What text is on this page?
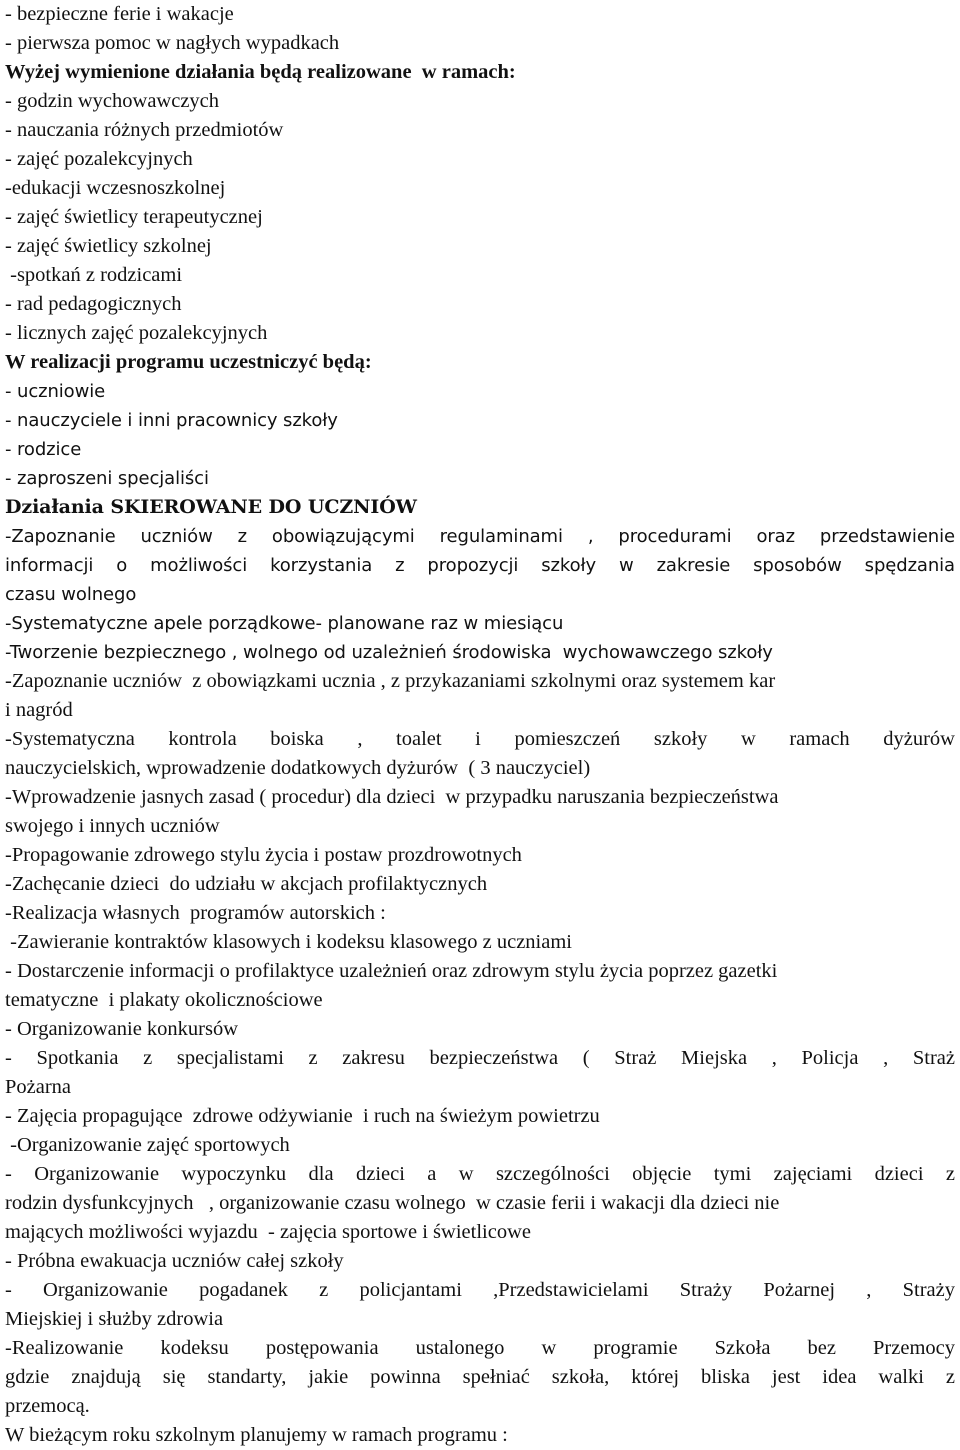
- bezpieczne ferie i wakacje
- pierwsza pomoc w nagłych wypadkach
Wyżej wymienione działania będą realizowane  w ramach:
- godzin wychowawczych
- nauczania różnych przedmiotów
- zajęć pozalekcyjnych
-edukacji wczesnoszkolnej
- zajęć świetlicy terapeutycznej
- zajęć świetlicy szkolnej
-spotkań z rodzicami
- rad pedagogicznych
- licznych zajęć pozalekcyjnych
W realizacji programu uczestniczyć będą:
- uczniowie
- nauczyciele i inni pracownicy szkoły
- rodzice
- zaproszeni specjaliści
Działania SKIEROWANE DO UCZNIÓW
-Zapoznanie uczniów z obowiązującymi regulaminami , procedurami oraz przedstawienie
informacji o możliwości korzystania z propozycji szkoły w zakresie sposobów spędzania
czasu wolnego
-Systematyczne apele porządkowe- planowane raz w miesiącu
-Tworzenie bezpiecznego , wolnego od uzależnień środowiska  wychowawczego szkoły
-Zapoznanie uczniów  z obowiązkami ucznia , z przykazaniami szkolnymi oraz systemem kar
i nagród
-Systematyczna kontrola boiska , toalet i pomieszczeń szkoły w ramach dyżurów
nauczycielskich, wprowadzenie dodatkowych dyżurów  ( 3 nauczyciel)
-Wprowadzenie jasnych zasad ( procedur) dla dzieci  w przypadku naruszania bezpieczeństwa
swojego i innych uczniów
-Propagowanie zdrowego stylu życia i postaw prozdrowotnych
-Zachęcanie dzieci  do udziału w akcjach profilaktycznych
-Realizacja własnych  programów autorskich :
-Zawieranie kontraktów klasowych i kodeksu klasowego z uczniami
- Dostarczenie informacji o profilaktyce uzależnień oraz zdrowym stylu życia poprzez gazetki
tematyczne  i plakaty okolicznościowe
- Organizowanie konkursów
- Spotkania z specjalistami z zakresu bezpieczeństwa ( Straż Miejska , Policja , Straż
Pożarna
- Zajęcia propagujące  zdrowe odżywianie  i ruch na świeżym powietrzu
-Organizowanie zajęć sportowych
- Organizowanie wypoczynku dla dzieci a w szczególności objęcie tymi zajęciami dzieci z
rodzin dysfunkcyjnych   , organizowanie czasu wolnego  w czasie ferii i wakacji dla dzieci nie
mających możliwości wyjazdu  - zajęcia sportowe i świetlicowe
- Próbna ewakuacja uczniów całej szkoły
- Organizowanie pogadanek z policjantami ,Przedstawicielami Straży Pożarnej , Straży
Miejskiej i służby zdrowia
-Realizowanie kodeksu postępowania ustalonego w programie Szkoła bez Przemocy
gdzie znajdują się standarty, jakie powinna spełniać szkoła, której bliska jest idea walki z
przemocą.
W bieżącym roku szkolnym planujemy w ramach programu :
